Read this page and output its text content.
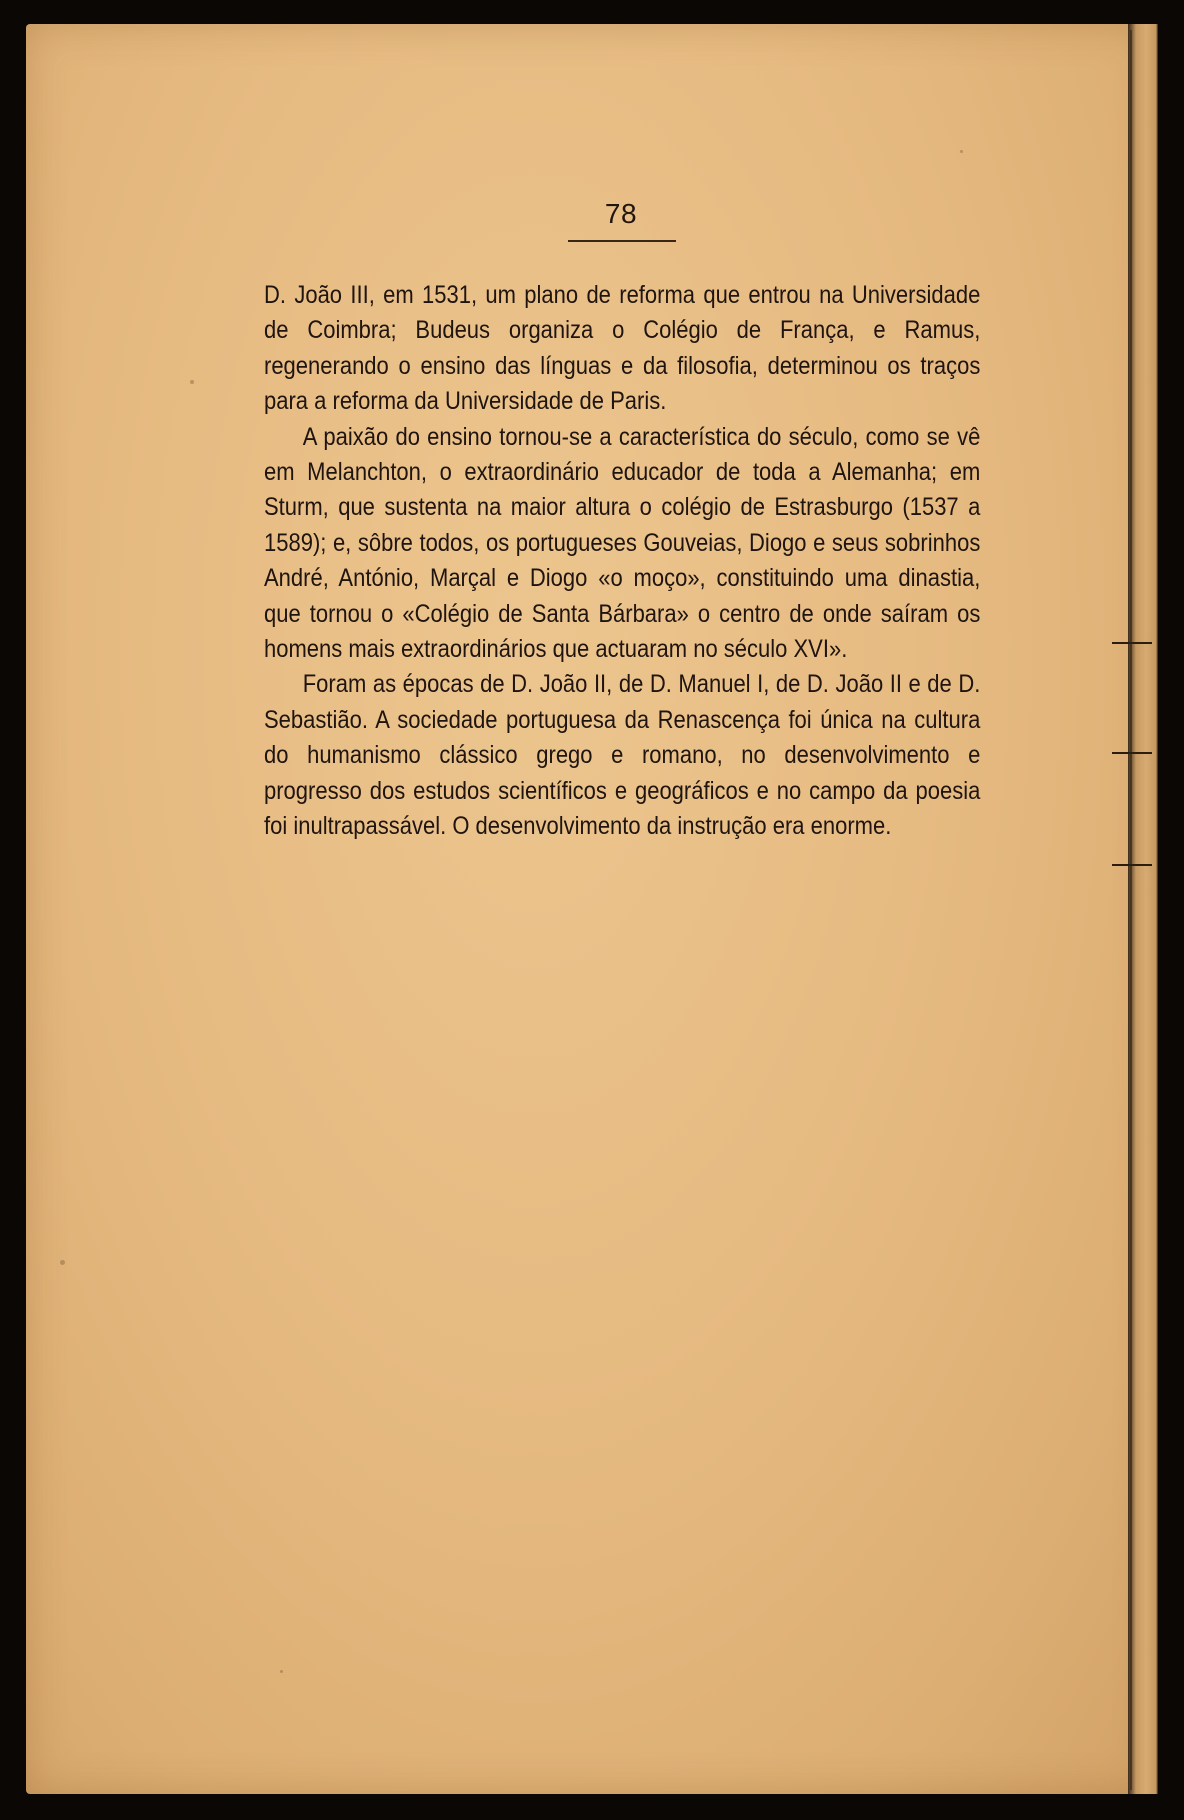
78

D. João III, em 1531, um plano de reforma que entrou na Universidade de Coimbra; Budeus organiza o Colégio de França, e Ramus, regenerando o ensino das línguas e da filosofia, determinou os traços para a reforma da Universidade de Paris.

A paixão do ensino tornou-se a característica do século, como se vê em Melanchton, o extraordinário educador de toda a Alemanha; em Sturm, que sustenta na maior altura o colégio de Estrasburgo (1537 a 1589); e, sôbre todos, os portugueses Gouveias, Diogo e seus sobrinhos André, António, Marçal e Diogo «o moço», constituindo uma dinastia, que tornou o «Colégio de Santa Bárbara» o centro de onde saíram os homens mais extraordinários que actuaram no século XVI».

Foram as épocas de D. João II, de D. Manuel I, de D. João II e de D. Sebastião. A sociedade portuguesa da Renascença foi única na cultura do humanismo clássico grego e romano, no desenvolvimento e progresso dos estudos scientíficos e geográficos e no campo da poesia foi inultrapassável. O desenvolvimento da instrução era enorme.
